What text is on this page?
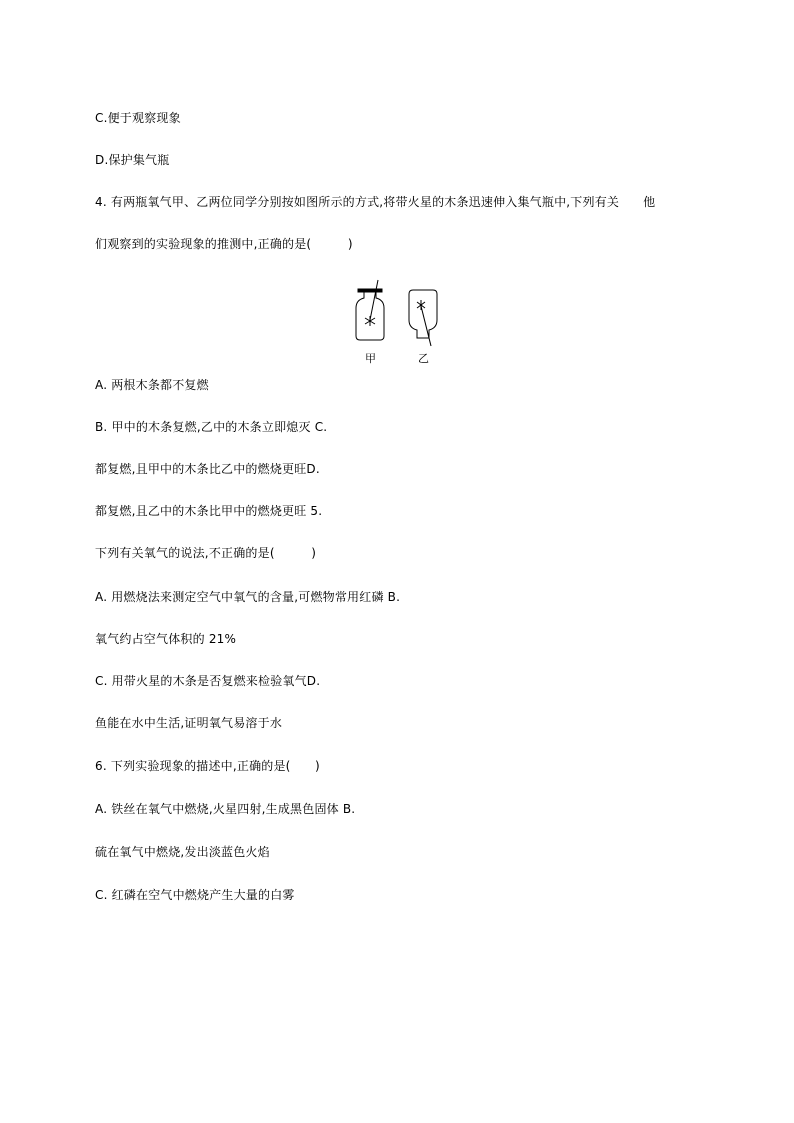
C.便于观察现象
D.保护集气瓶
4. 有两瓶氧气甲、乙两位同学分别按如图所示的方式,将带火星的木条迅速伸入集气瓶中,下列有关 他
们观察到的实验现象的推测中,正确的是(　　　)
甲	乙
A. 两根木条都不复燃
B. 甲中的木条复燃,乙中的木条立即熄灭 C.
都复燃,且甲中的木条比乙中的燃烧更旺D.
都复燃,且乙中的木条比甲中的燃烧更旺 5.
下列有关氧气的说法,不正确的是(　　　)
A. 用燃烧法来测定空气中氧气的含量,可燃物常用红磷 B.
氧气约占空气体积的 21%
C. 用带火星的木条是否复燃来检验氧气D.
鱼能在水中生活,证明氧气易溶于水
6. 下列实验现象的描述中,正确的是(　　)
A. 铁丝在氧气中燃烧,火星四射,生成黑色固体 B.
硫在氧气中燃烧,发出淡蓝色火焰
C. 红磷在空气中燃烧产生大量的白雾
